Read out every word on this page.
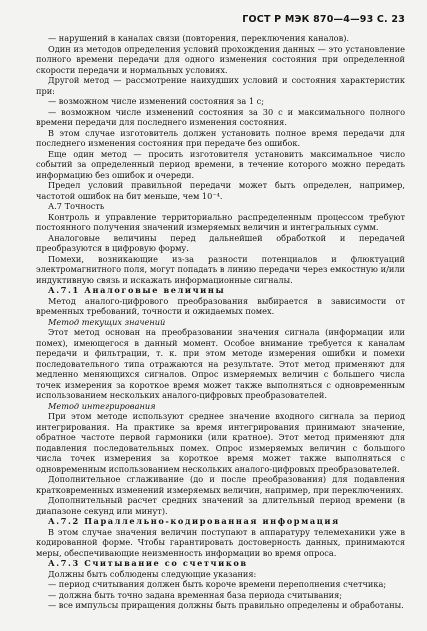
ГОСТ Р МЭК 870—4—93 С. 23

— нарушений в каналах связи (повторения, переключения каналов).

Один из методов определения условий прохождения данных — это установление полного времени передачи для одного изменения состояния при определенной скорости передачи и нормальных условиях.

Другой метод — рассмотрение наихудших условий и состояния характеристик при:

— возможном числе изменений состояния за 1 с;

— возможном числе изменений состояния за 30 с и максимального полного времени передачи для последнего изменения состояния.

В этом случае изготовитель должен установить полное время передачи для последнего изменения состояния при передаче без ошибок.

Еще один метод — просить изготовителя установить максимальное число событий за определенный период времени, в течение которого можно передать информацию без ошибок и очереди.

Предел условий правильной передачи может быть определен, например, частотой ошибок на бит меньше, чем 10⁻⁴.

А.7 Точность

Контроль и управление территориально распределенным процессом требуют постоянного получения значений измеряемых величин и интегральных сумм.

Аналоговые величины перед дальнейшей обработкой и передачей преобразуются в цифровую форму.

Помехи, возникающие из-за разности потенциалов и флюктуаций электромагнитного поля, могут попадать в линию передачи через емкостную и/или индуктивную связь и искажать информационные сигналы.

А.7.1 Аналоговые величины

Метод аналого-цифрового преобразования выбирается в зависимости от временных требований, точности и ожидаемых помех.

Метод текущих значений

Этот метод основан на преобразовании значения сигнала (информации или помех), имеющегося в данный момент. Особое внимание требуется к каналам передачи и фильтрации, т. к. при этом методе измерения ошибки и помехи последовательного типа отражаются на результате. Этот метод применяют для медленно меняющихся сигналов. Опрос измеряемых величин с большего числа точек измерения за короткое время может также выполняться с одновременным использованием нескольких аналого-цифровых преобразователей.

Метод интегрирования

При этом методе используют среднее значение входного сигнала за период интегрирования. На практике за время интегрирования принимают значение, обратное частоте первой гармоники (или кратное). Этот метод применяют для подавления последовательных помех. Опрос измеряемых величин с большого числа точек измерения за короткое время может также выполняться с одновременным использованием нескольких аналого-цифровых преобразователей.

Дополнительное сглаживание (до и после преобразования) для подавления кратковременных изменений измеряемых величин, например, при переключениях.

Дополнительный расчет средних значений за длительный период времени (в диапазоне секунд или минут).

А.7.2 Параллельно-кодированная информация

В этом случае значения величин поступают в аппаратуру телемеханики уже в кодированной форме. Чтобы гарантировать достоверность данных, принимаются меры, обеспечивающие неизменность информации во время опроса.

А.7.3 Считывание со счетчиков

Должны быть соблюдены следующие указания:

— период считывания должен быть короче времени переполнения счетчика;

— должна быть точно задана временная база периода считывания;

— все импульсы приращения должны быть правильно определены и обработаны.
